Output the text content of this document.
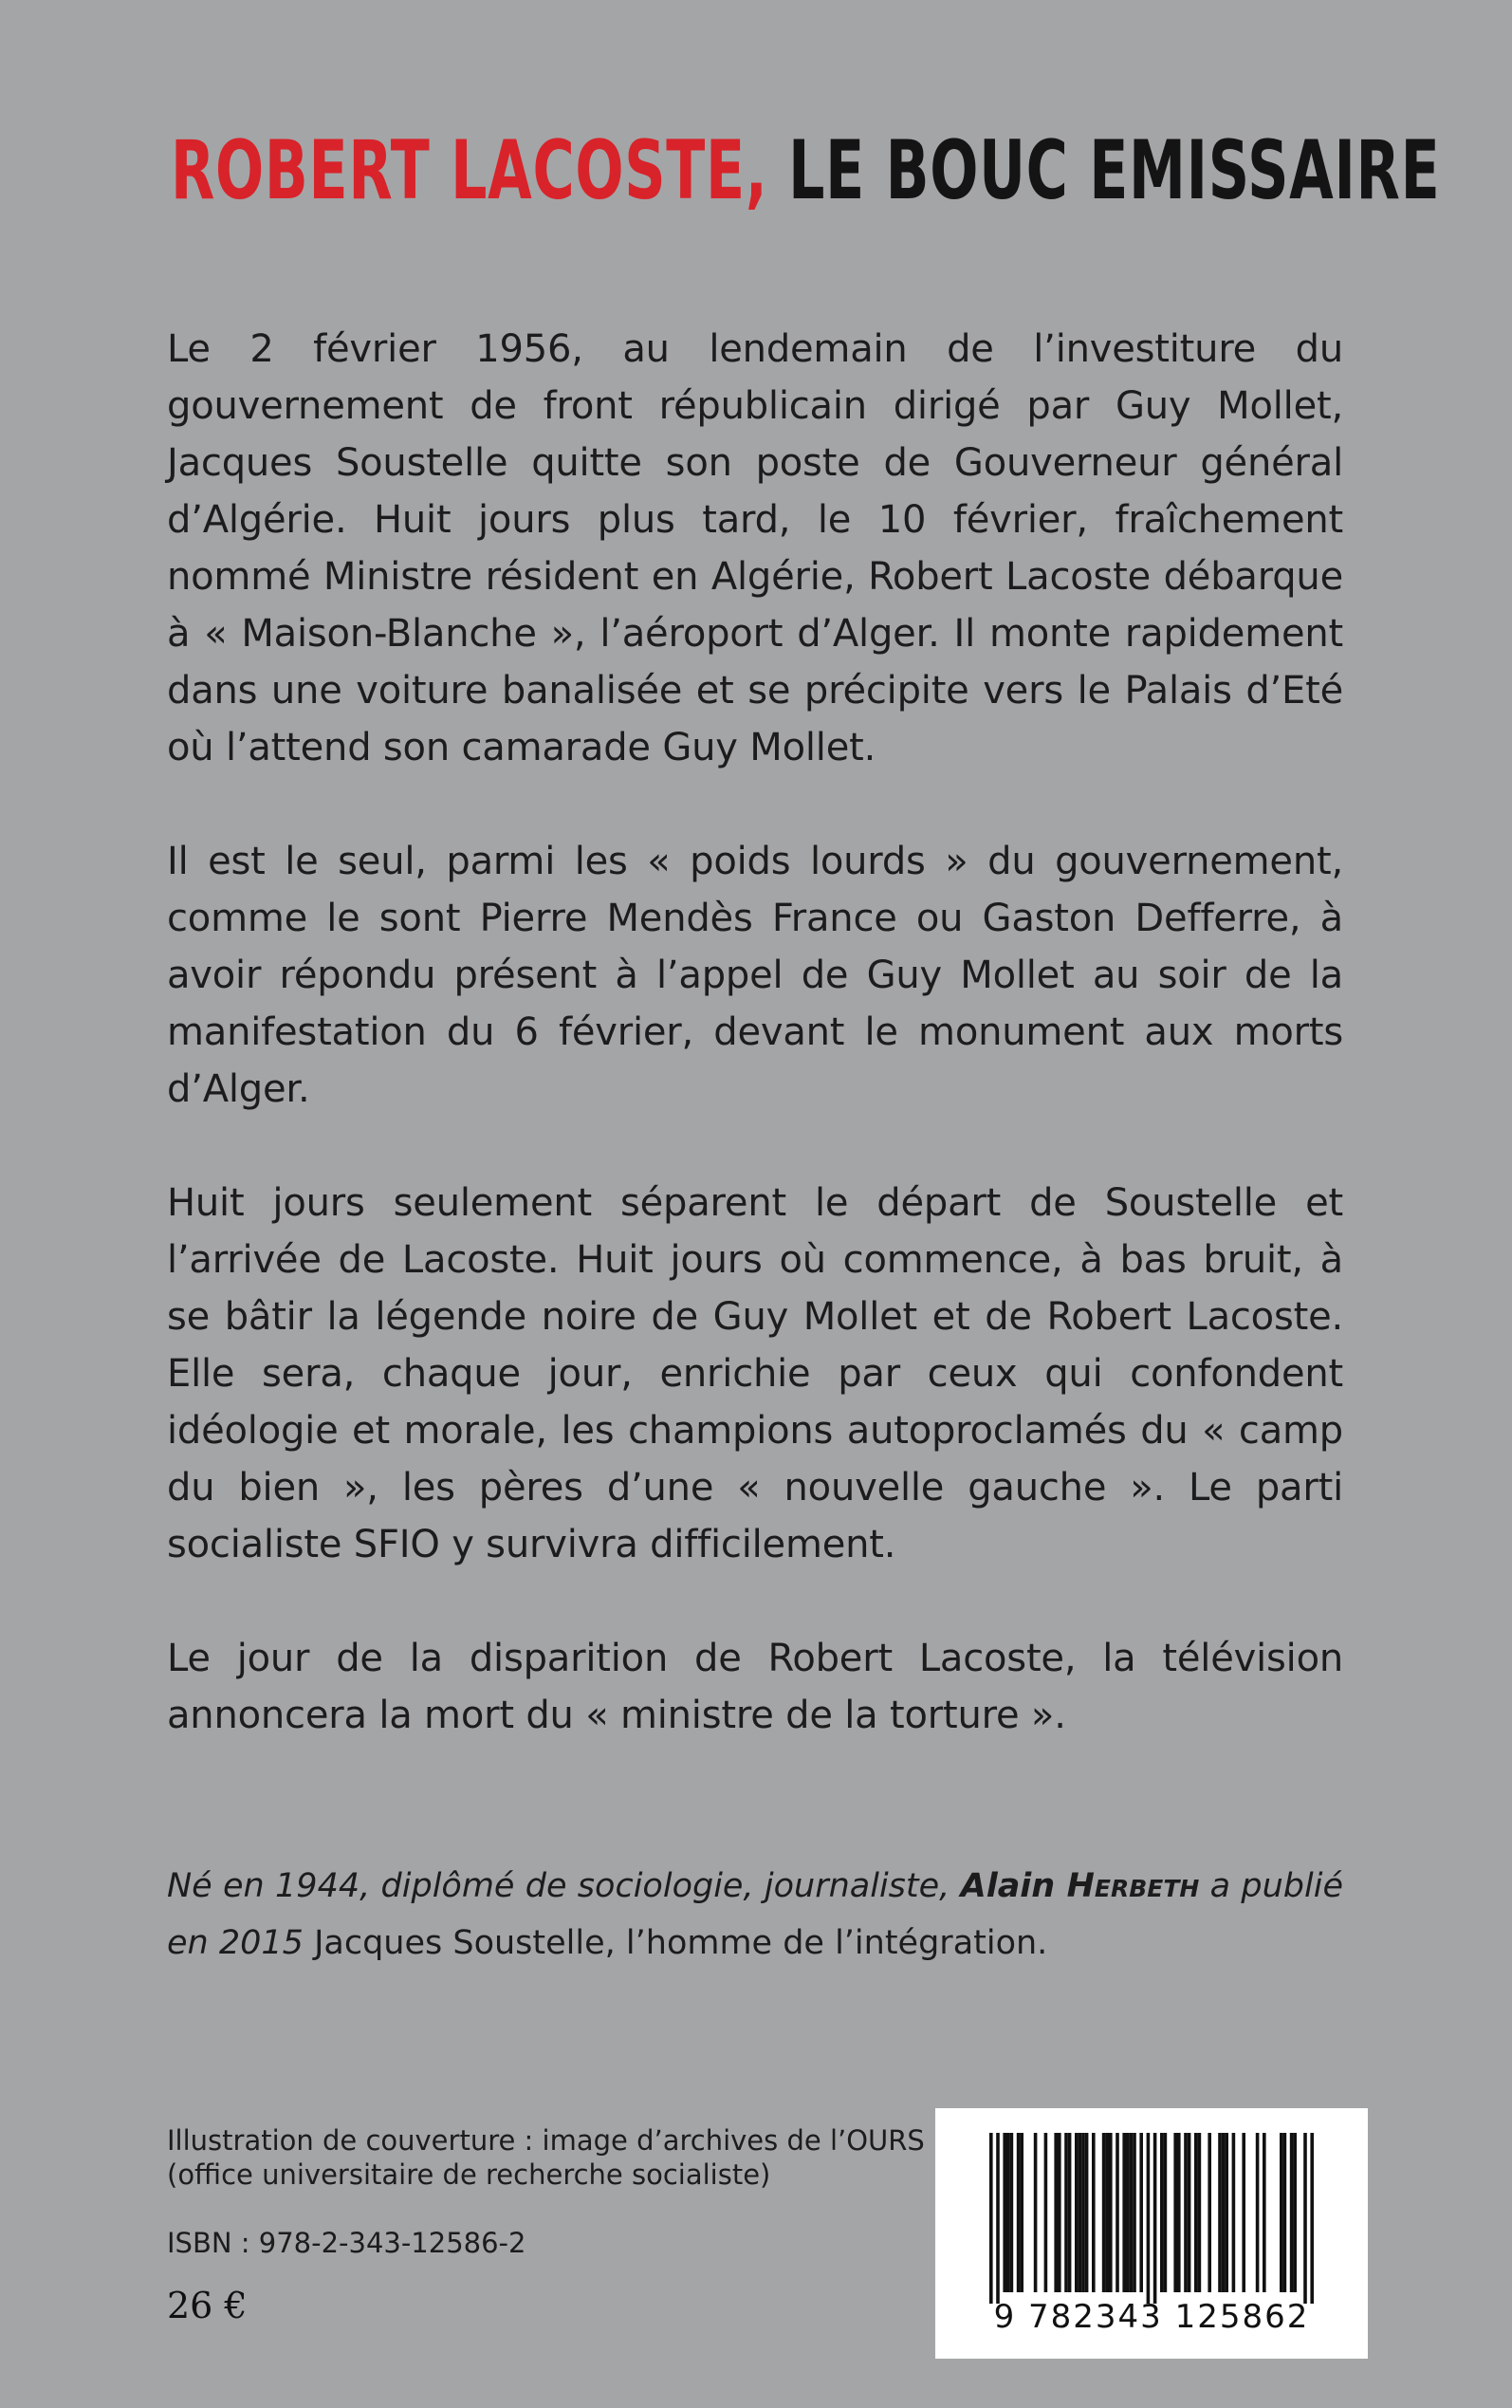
ROBERT LACOSTE, LE BOUC EMISSAIRE

Le 2 février 1956, au lendemain de l’investiture du gouvernement de front républicain dirigé par Guy Mollet, Jacques Soustelle quitte son poste de Gouverneur général d’Algérie. Huit jours plus tard, le 10 février, fraîchement nommé Ministre résident en Algérie, Robert Lacoste débarque à « Maison-Blanche », l’aéroport d’Alger. Il monte rapidement dans une voiture banalisée et se précipite vers le Palais d’Eté où l’attend son camarade Guy Mollet.

Il est le seul, parmi les « poids lourds » du gouvernement, comme le sont Pierre Mendès France ou Gaston Defferre, à avoir répondu présent à l’appel de Guy Mollet au soir de la manifestation du 6 février, devant le monument aux morts d’Alger.

Huit jours seulement séparent le départ de Soustelle et l’arrivée de Lacoste. Huit jours où commence, à bas bruit, à se bâtir la légende noire de Guy Mollet et de Robert Lacoste. Elle sera, chaque jour, enrichie par ceux qui confondent idéologie et morale, les champions autoproclamés du « camp du bien », les pères d’une « nouvelle gauche ». Le parti socialiste SFIO y survivra difficilement.

Le jour de la disparition de Robert Lacoste, la télévision annoncera la mort du « ministre de la torture ».

Né en 1944, diplômé de sociologie, journaliste, Alain Herbeth a publié en 2015 Jacques Soustelle, l’homme de l’intégration.

Illustration de couverture : image d’archives de l’OURS
(office universitaire de recherche socialiste)
ISBN : 978-2-343-12586-2
26 €	9 782343 125862
